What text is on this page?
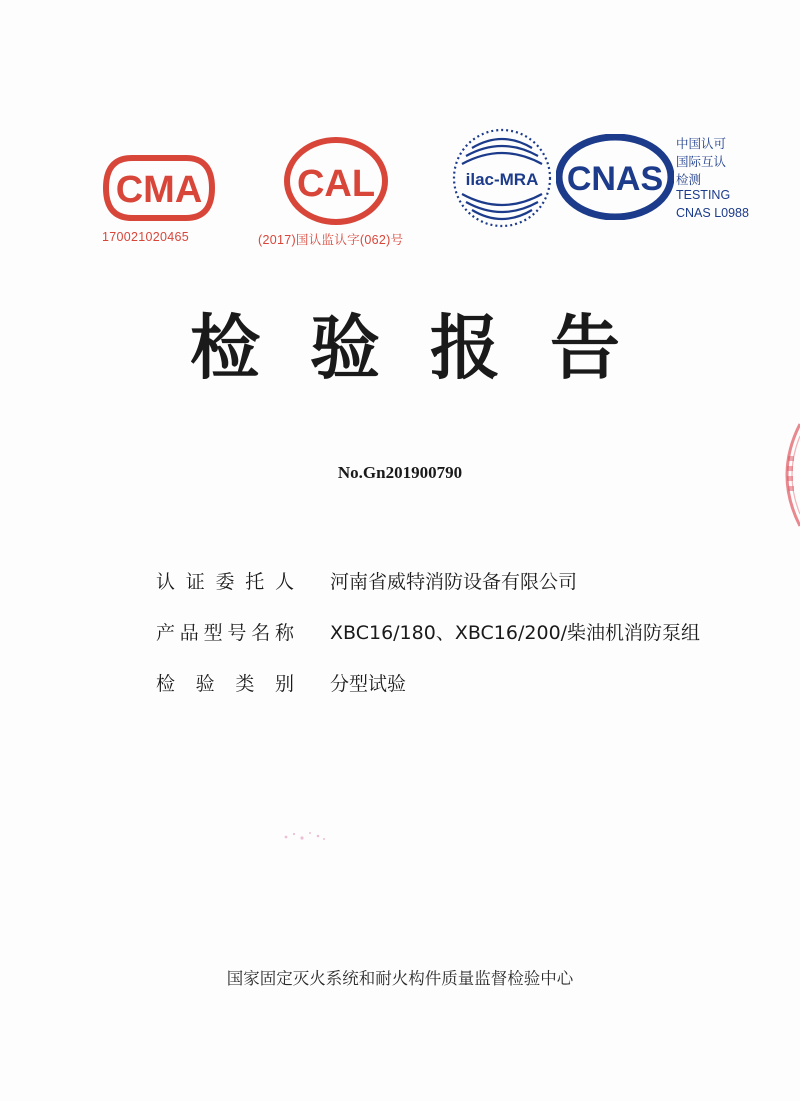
CMA
170021020465
CAL
(2017)国认监认字(062)号
ilac-MRA CNAS
中国认可
国际互认
检测
TESTING
CNAS L0988
检 验 报 告
No.Gn201900790
认 证 委 托 人 河南省威特消防设备有限公司
产 品 型 号 名 称 XBC16/180、XBC16/200/柴油机消防泵组
检 验 类 别 分型试验
国家固定灭火系统和耐火构件质量监督检验中心
